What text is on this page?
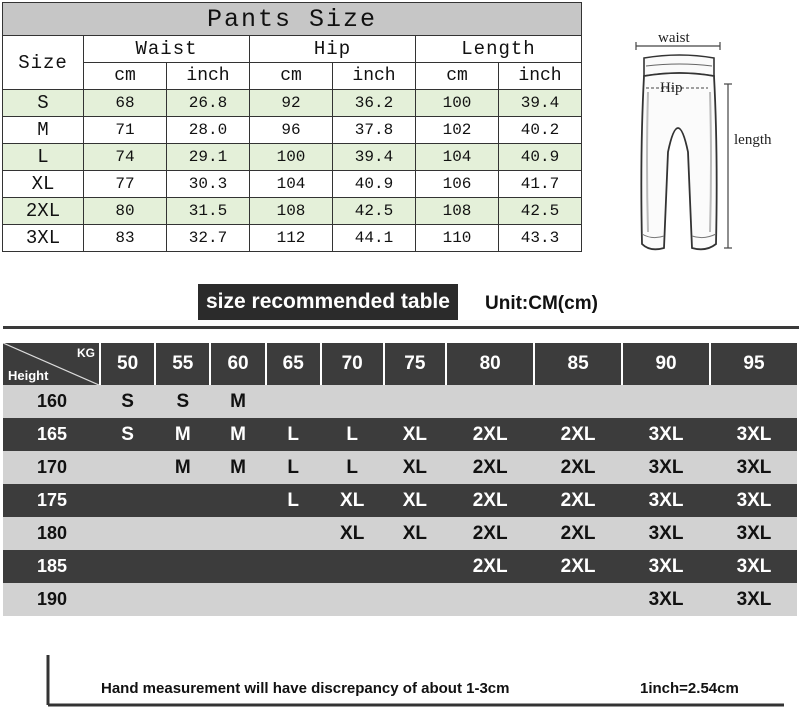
Pants Size						
Size	Waist		Hip		Length	
	cm	inch	cm	inch	cm	inch
S	68	26.8	92	36.2	100	39.4
M	71	28.0	96	37.8	102	40.2
L	74	29.1	100	39.4	104	40.9
XL	77	30.3	104	40.9	106	41.7
2XL	80	31.5	108	42.5	108	42.5
3XL	83	32.7	112	44.1	110	43.3
waist
Hip
length
size recommended table	Unit:CM(cm)
KG
Height	50	55	60	65	70	75	80	85	90	95
160	S	S	M							
165	S	M	M	L	L	XL	2XL	2XL	3XL	3XL
170		M	M	L	L	XL	2XL	2XL	3XL	3XL
175				L	XL	XL	2XL	2XL	3XL	3XL
180					XL	XL	2XL	2XL	3XL	3XL
185							2XL	2XL	3XL	3XL
190									3XL	3XL
Hand measurement will have discrepancy of about 1-3cm	1inch=2.54cm
